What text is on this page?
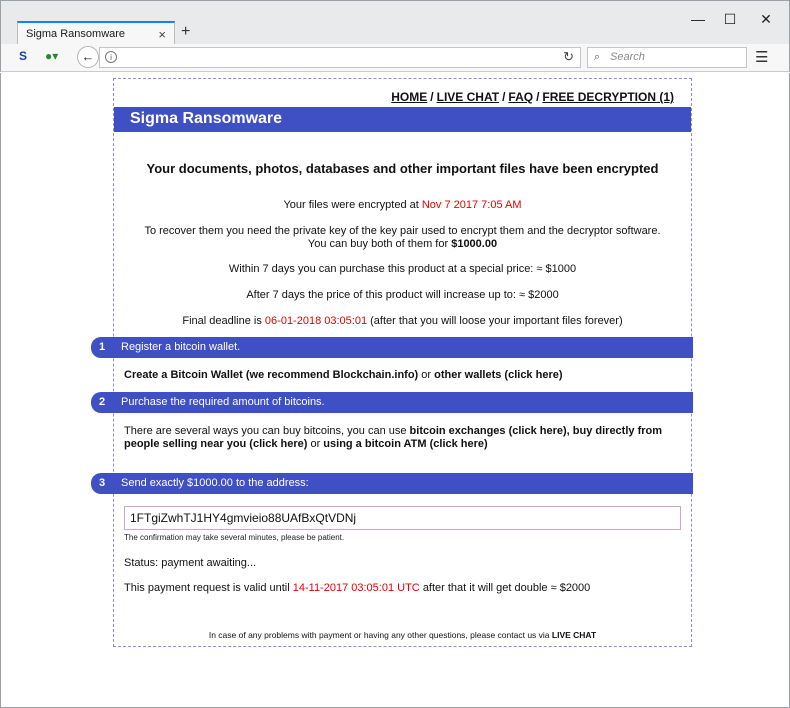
Sigma Ransomware	× +
—	☐	✕
S ●▾	←	i	↻ ⌕ Search	☰
HOME / LIVE CHAT / FAQ / FREE DECRYPTION (1)
Sigma Ransomware
Your documents, photos, databases and other important files have been encrypted
Your files were encrypted at Nov 7 2017 7:05 AM
To recover them you need the private key of the key pair used to encrypt them and the decryptor software.
You can buy both of them for $1000.00
Within 7 days you can purchase this product at a special price: ≈ $1000
After 7 days the price of this product will increase up to: ≈ $2000
Final deadline is 06-01-2018 03:05:01 (after that you will loose your important files forever)
1 Register a bitcoin wallet.
Create a Bitcoin Wallet (we recommend Blockchain.info) or other wallets (click here)
2 Purchase the required amount of bitcoins.
There are several ways you can buy bitcoins, you can use bitcoin exchanges (click here), buy directly from people selling near you (click here) or using a bitcoin ATM (click here)
3 Send exactly $1000.00 to the address:
1FTgiZwhTJ1HY4gmvieio88UAfBxQtVDNj
The confirmation may take several minutes, please be patient.
Status: payment awaiting...
This payment request is valid until 14-11-2017 03:05:01 UTC after that it will get double ≈ $2000
In case of any problems with payment or having any other questions, please contact us via LIVE CHAT
